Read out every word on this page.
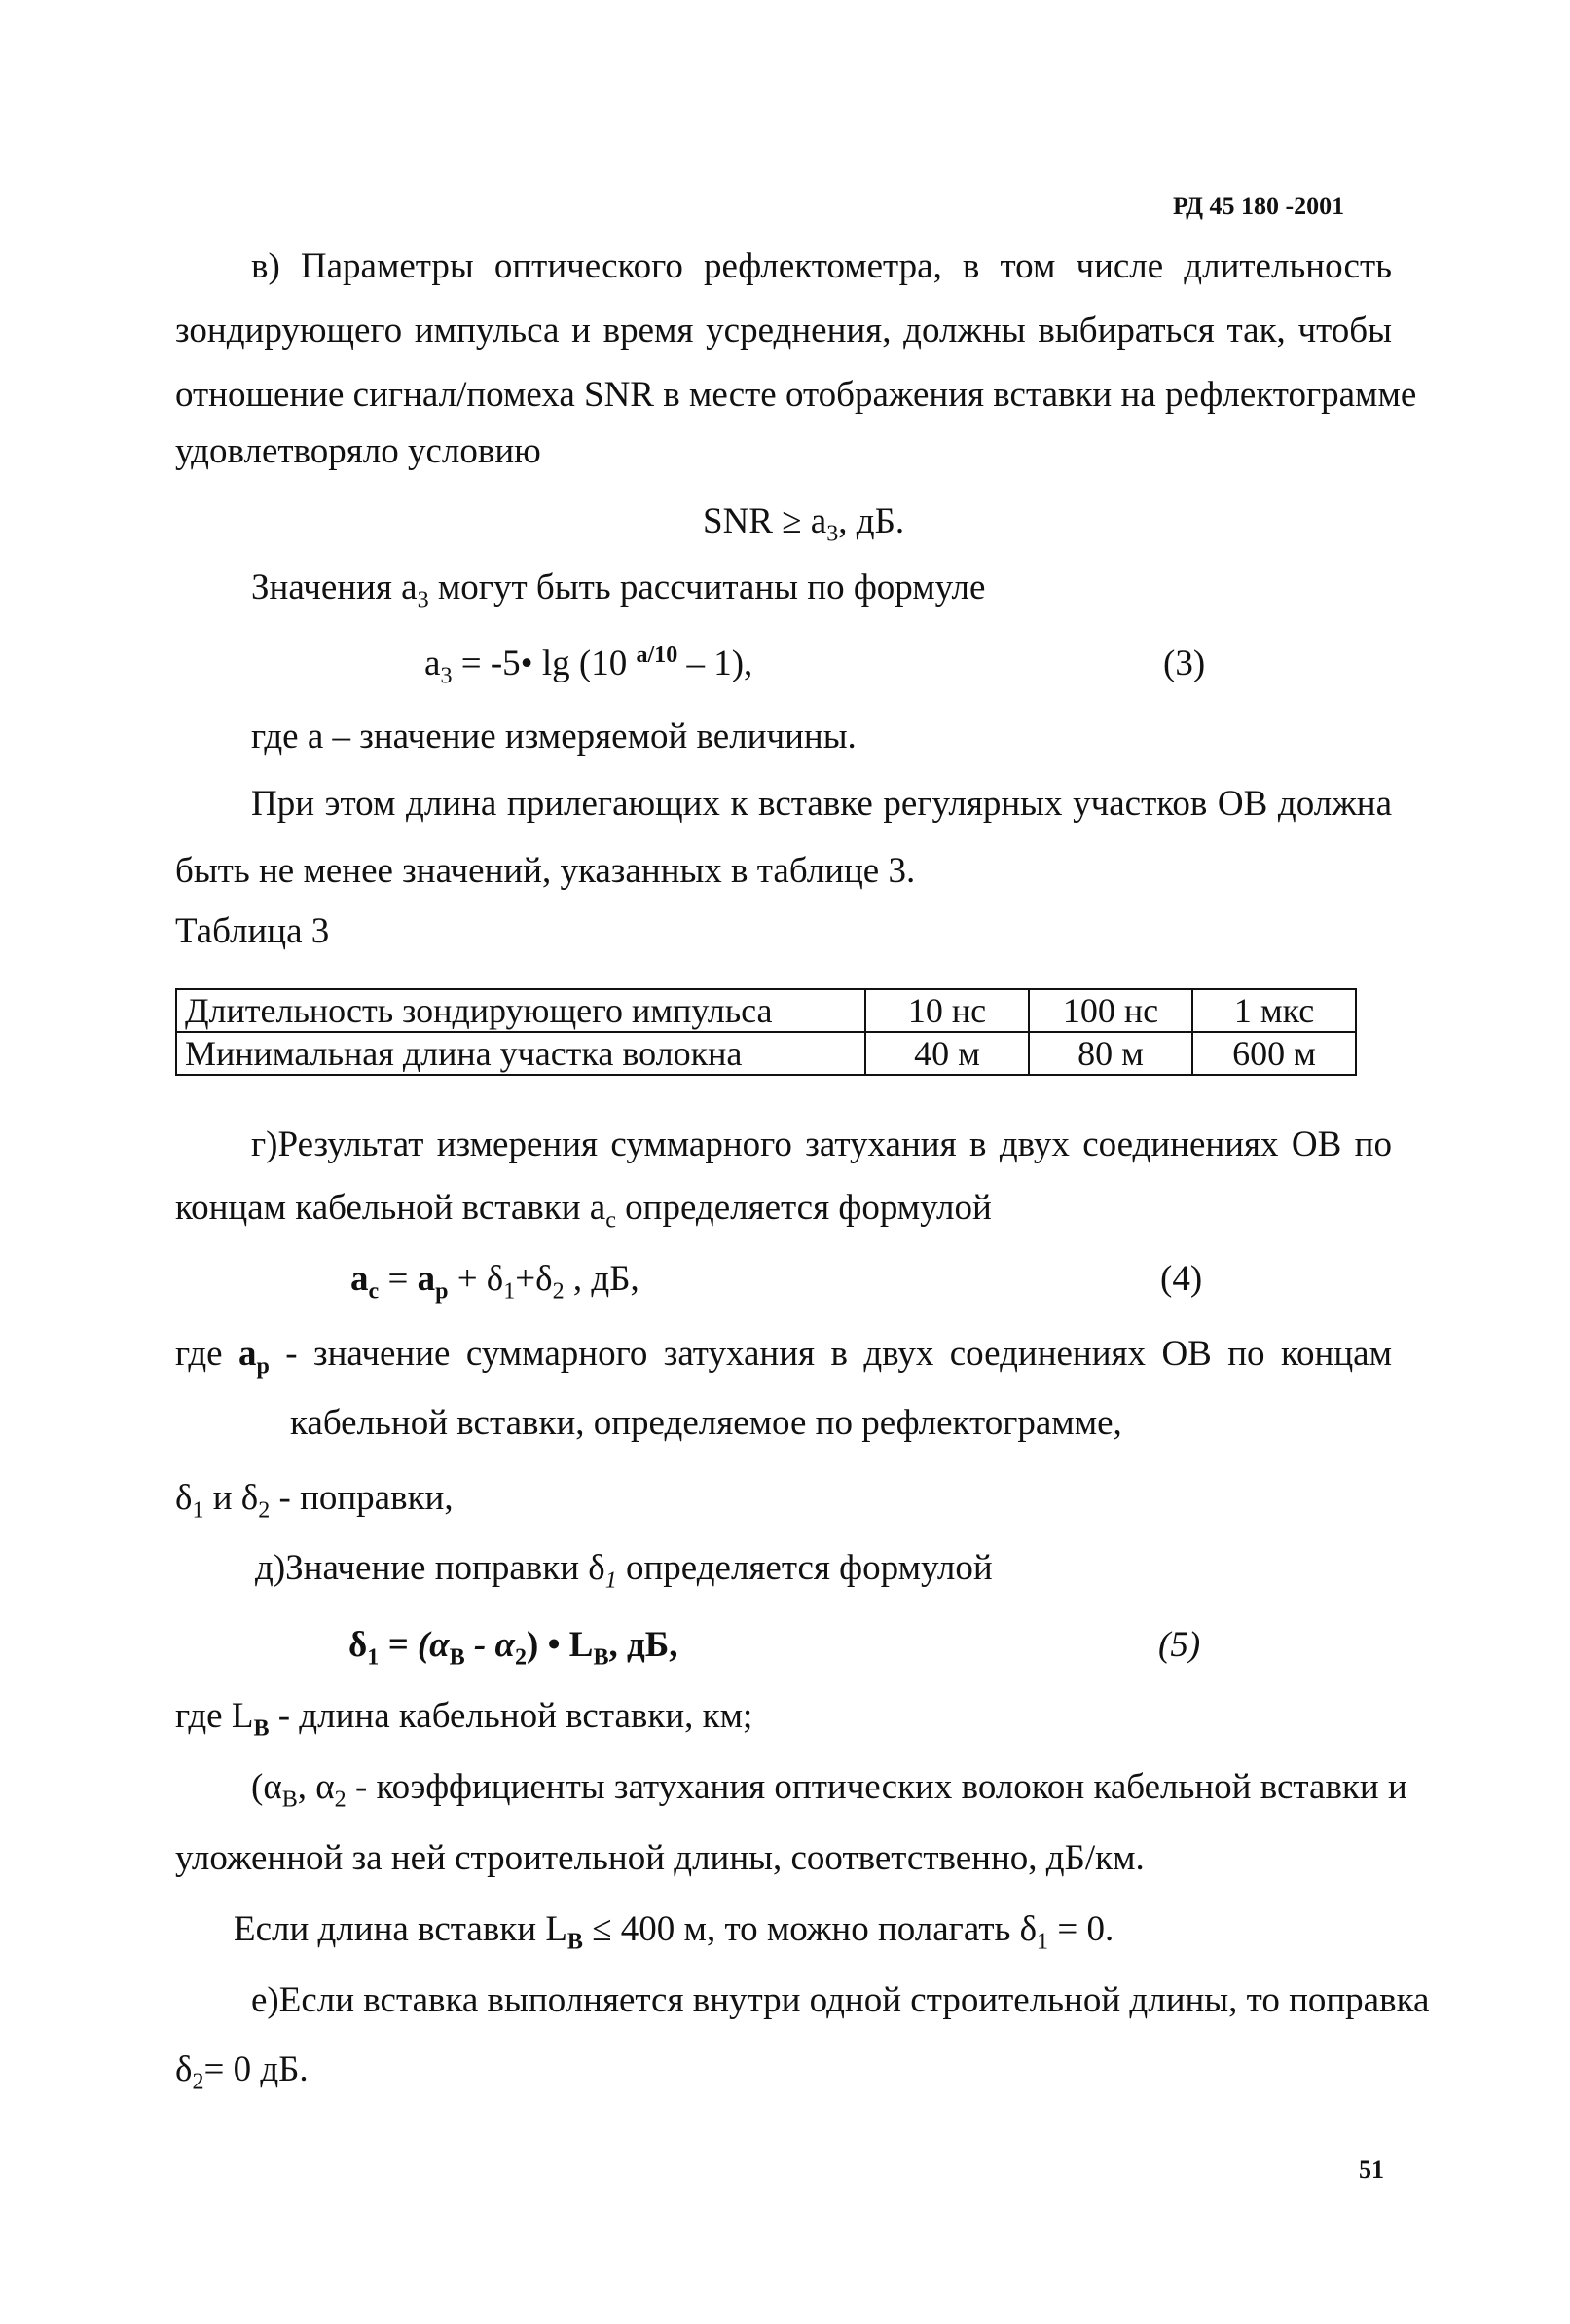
РД 45 180 -2001
в) Параметры оптического рефлектометра, в том числе длительность
зондирующего импульса и время усреднения, должны выбираться так, чтобы
отношение сигнал/помеха SNR в месте отображения вставки на рефлектограмме
удовлетворяло условию
SNR ≥ $a_3$, дБ.
Значения $a_3$ могут быть рассчитаны по формуле
$a_3$ = -5• lg (10 $^{a/10}$ – 1),	(3)
где a – значение измеряемой величины.
При этом длина прилегающих к вставке регулярных участков ОВ должна
быть не менее значений, указанных в таблице 3.
Таблица 3
Длительность зондирующего импульса	10 нс	100 нс	1 мкс
Минимальная длина участка волокна	40 м	80 м	600 м
г)Результат измерения суммарного затухания в двух соединениях ОВ по
концам кабельной вставки $a_c$ определяется формулой
$a_c = a_p + \delta_1+\delta_2$ , дБ,	(4)
где $a_p$ - значение суммарного затухания в двух соединениях ОВ по концам
кабельной вставки, определяемое по рефлектограмме,
$\delta_1$ и $\delta_2$ - поправки,
д)Значение поправки $\delta_1$ определяется формулой
$\delta_1 = (\alpha_B - \alpha_2)$ • $L_B$, дБ,	(5)
где $L_B$ - длина кабельной вставки, км;
($\alpha_B$, $\alpha_2$ - коэффициенты затухания оптических волокон кабельной вставки и
уложенной за ней строительной длины, соответственно, дБ/км.
Если длина вставки $L_B \le 400$ м, то можно полагать $\delta_1 = 0$.
е)Если вставка выполняется внутри одной строительной длины, то поправка
$\delta_2= 0$ дБ.
51
